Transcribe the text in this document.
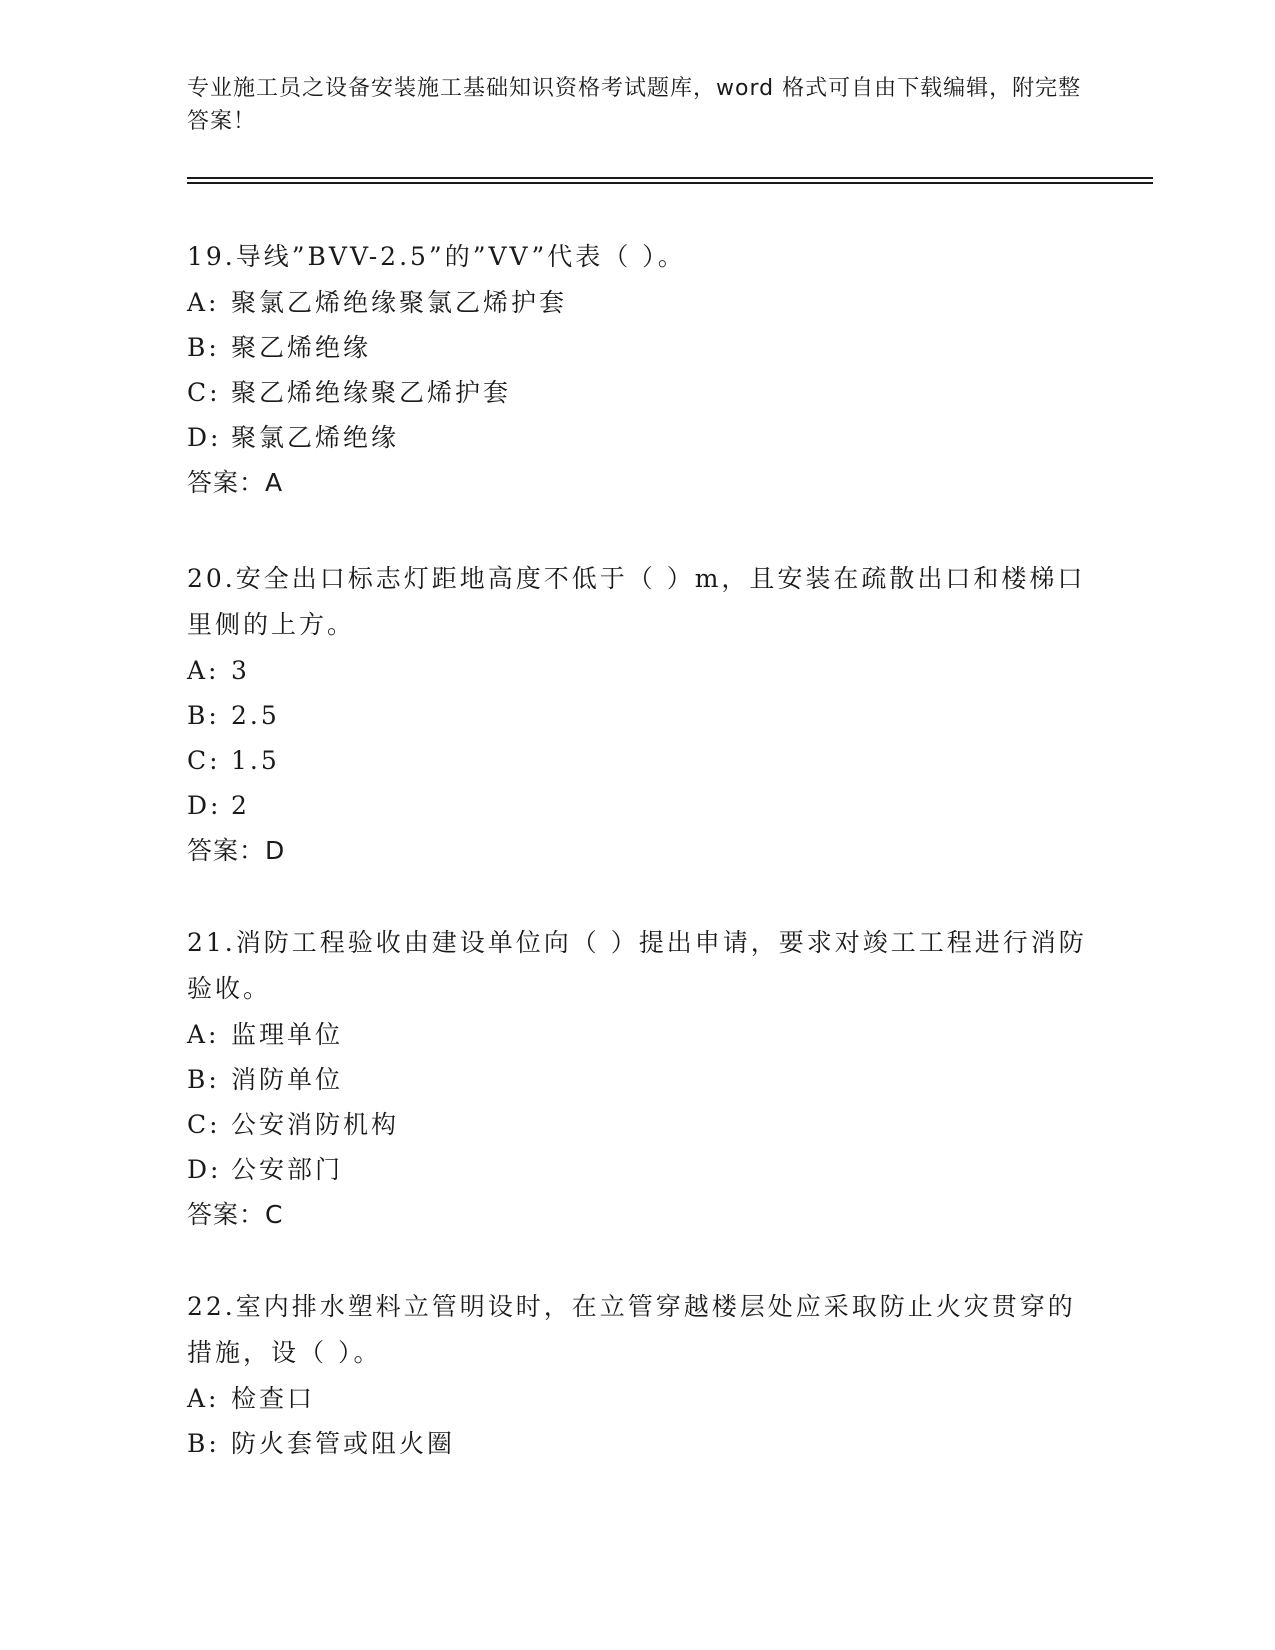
专业施工员之设备安装施工基础知识资格考试题库，word 格式可自由下载编辑，附完整答案！
19.导线”BVV-2.5”的”VV”代表（ ）。
A: 聚氯乙烯绝缘聚氯乙烯护套
B: 聚乙烯绝缘
C: 聚乙烯绝缘聚乙烯护套
D: 聚氯乙烯绝缘
答案：A
20.安全出口标志灯距地高度不低于（ ）m，且安装在疏散出口和楼梯口里侧的上方。
A: 3
B: 2.5
C: 1.5
D: 2
答案：D
21.消防工程验收由建设单位向（ ）提出申请，要求对竣工工程进行消防验收。
A: 监理单位
B: 消防单位
C: 公安消防机构
D: 公安部门
答案：C
22.室内排水塑料立管明设时，在立管穿越楼层处应采取防止火灾贯穿的措施，设（ ）。
A: 检查口
B: 防火套管或阻火圈
